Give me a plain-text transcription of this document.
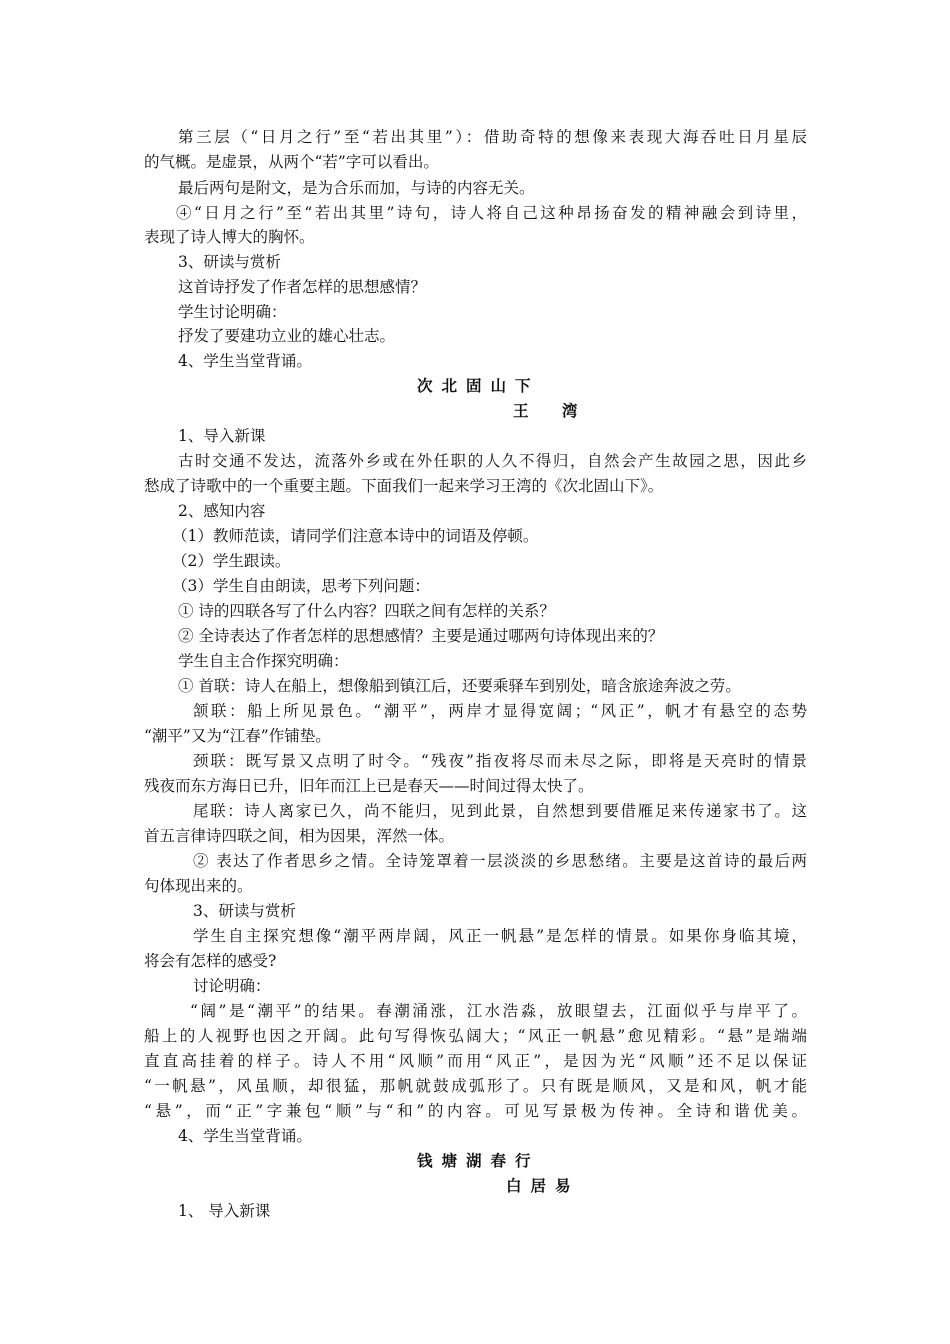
第三层（“日月之行”至“若出其里”）：借助奇特的想像来表现大海吞吐日月星辰
的气概。是虚景，从两个“若”字可以看出。
最后两句是附文，是为合乐而加，与诗的内容无关。
④“日月之行”至“若出其里”诗句，诗人将自己这种昂扬奋发的精神融会到诗里，
表现了诗人博大的胸怀。
3、研读与赏析
这首诗抒发了作者怎样的思想感情？
学生讨论明确：
抒发了要建功立业的雄心壮志。
4、学生当堂背诵。
次北固山下
王 湾
1、导入新课
古时交通不发达，流落外乡或在外任职的人久不得归，自然会产生故园之思，因此乡
愁成了诗歌中的一个重要主题。下面我们一起来学习王湾的《次北固山下》。
2、感知内容
（1）教师范读，请同学们注意本诗中的词语及停顿。
（2）学生跟读。
（3）学生自由朗读，思考下列问题：
① 诗的四联各写了什么内容？四联之间有怎样的关系？
② 全诗表达了作者怎样的思想感情？主要是通过哪两句诗体现出来的？
学生自主合作探究明确：
① 首联：诗人在船上，想像船到镇江后，还要乘驿车到别处，暗含旅途奔波之劳。
颔联：船上所见景色。“潮平”，两岸才显得宽阔；“风正”，帆才有悬空的态势
“潮平”又为“江春”作铺垫。
颈联：既写景又点明了时令。“残夜”指夜将尽而未尽之际，即将是天亮时的情景
残夜而东方海日已升，旧年而江上已是春天——时间过得太快了。
尾联：诗人离家已久，尚不能归，见到此景，自然想到要借雁足来传递家书了。这
首五言律诗四联之间，相为因果，浑然一体。
② 表达了作者思乡之情。全诗笼罩着一层淡淡的乡思愁绪。主要是这首诗的最后两
句体现出来的。
3、研读与赏析
学生自主探究想像“潮平两岸阔，风正一帆悬”是怎样的情景。如果你身临其境，
将会有怎样的感受?
讨论明确：
“阔”是“潮平”的结果。春潮涌涨，江水浩淼，放眼望去，江面似乎与岸平了。
船上的人视野也因之开阔。此句写得恢弘阔大；“风正一帆悬”愈见精彩。“悬”是端端
直直高挂着的样子。诗人不用“风顺”而用“风正”，是因为光“风顺”还不足以保证
“一帆悬”，风虽顺，却很猛，那帆就鼓成弧形了。只有既是顺风，又是和风，帆才能
“悬”，而“正”字兼包“顺”与“和”的内容。可见写景极为传神。全诗和谐优美。
4、学生当堂背诵。
钱塘湖春行
白居易
1、 导入新课
